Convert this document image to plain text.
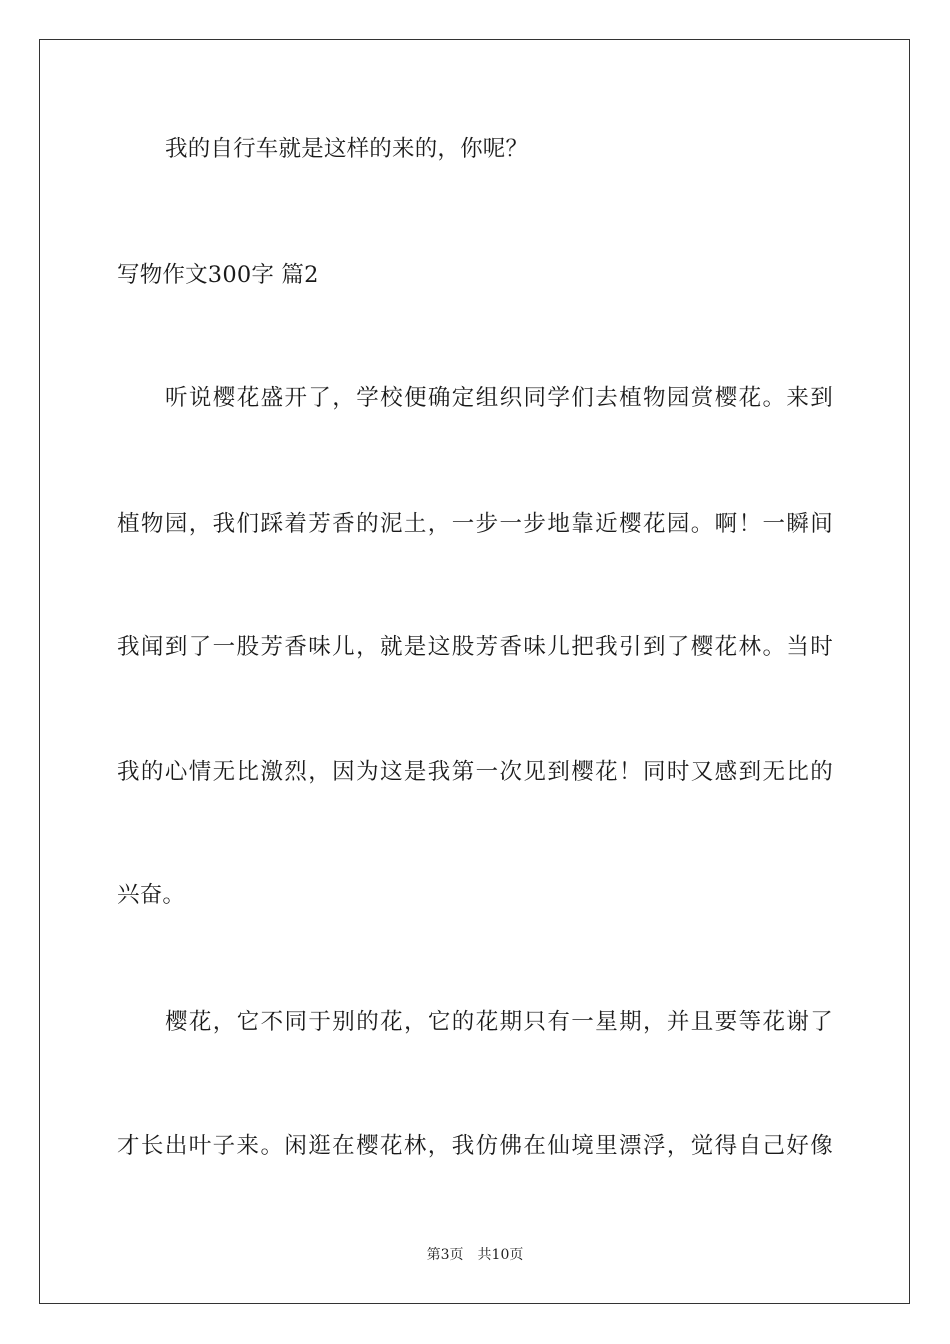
我的自行车就是这样的来的，你呢？
写物作文300字 篇2
听说樱花盛开了，学校便确定组织同学们去植物园赏樱花。来到
植物园，我们踩着芳香的泥土，一步一步地靠近樱花园。啊！一瞬间
我闻到了一股芳香味儿，就是这股芳香味儿把我引到了樱花林。当时
我的心情无比激烈，因为这是我第一次见到樱花！同时又感到无比的
兴奋。
樱花，它不同于别的花，它的花期只有一星期，并且要等花谢了
才长出叶子来。闲逛在樱花林，我仿佛在仙境里漂浮，觉得自己好像
第3页 共10页
